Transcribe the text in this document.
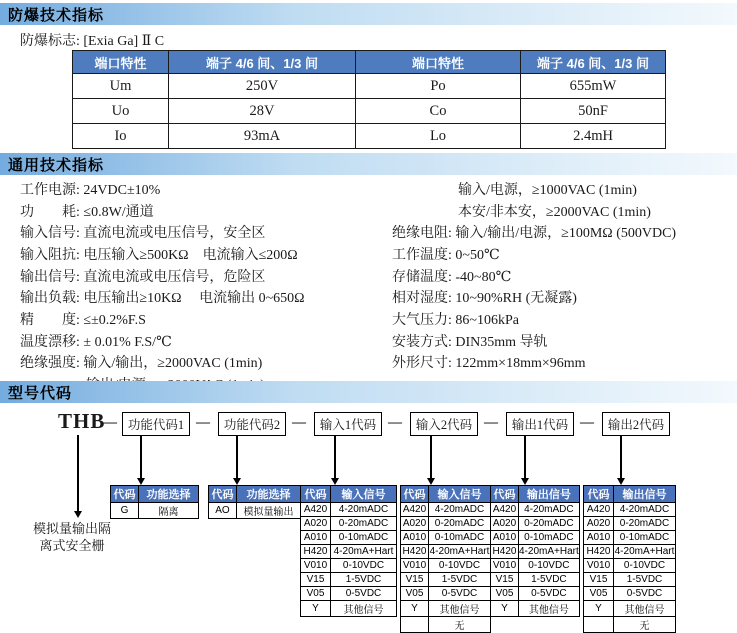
防爆技术指标
防爆标志: [Exia Ga] Ⅱ C
端口特性	端子 4/6 间、1/3 间	端口特性	端子 4/6 间、1/3 间
Um	250V	Po	655mW
Uo	28V	Co	50nF
Io	93mA	Lo	2.4mH
通用技术指标
工作电源: 24VDC±10%
功　　耗: ≤0.8W/通道
输入信号: 直流电流或电压信号，安全区
输入阻抗: 电压输入≥500KΩ　电流输入≤200Ω
输出信号: 直流电流或电压信号，危险区
输出负载: 电压输出≥10KΩ　 电流输出 0~650Ω
精　　度: ≤±0.2%F.S
温度漂移: ± 0.01% F.S/℃
绝缘强度: 输入/输出，≥2000VAC (1min)
输入/电源，≥1000VAC (1min)
本安/非本安，≥2000VAC (1min)
绝缘电阻: 输入/输出/电源，≥100MΩ (500VDC)
工作温度: 0~50℃
存储温度: -40~80℃
相对湿度: 10~90%RH (无凝露)
大气压力: 86~106kPa
安装方式: DIN35mm 导轨
外形尺寸: 122mm×18mm×96mm
型号代码
THB
— 功能代码1 —	功能代码2 —	输入1代码 —	输入2代码 —	输出1代码 —	输出2代码
代码	功能选择
G	隔离
代码	功能选择
AO	模拟量输出
代码	输入信号
A420	4-20mADC
A020	0-20mADC
A010	0-10mADC
H420	4-20mA+Hart
V010	0-10VDC
V15	1-5VDC
V05	0-5VDC
Y	其他信号
代码	输入信号
A420	4-20mADC
A020	0-20mADC
A010	0-10mADC
H420	4-20mA+Hart
V010	0-10VDC
V15	1-5VDC
V05	0-5VDC
Y	其他信号
	无
代码	输出信号
A420	4-20mADC
A020	0-20mADC
A010	0-10mADC
H420	4-20mA+Hart
V010	0-10VDC
V15	1-5VDC
V05	0-5VDC
Y	其他信号
代码	输出信号
A420	4-20mADC
A020	0-20mADC
A010	0-10mADC
H420	4-20mA+Hart
V010	0-10VDC
V15	1-5VDC
V05	0-5VDC
Y	其他信号
	无
模拟量输出隔离式安全栅
